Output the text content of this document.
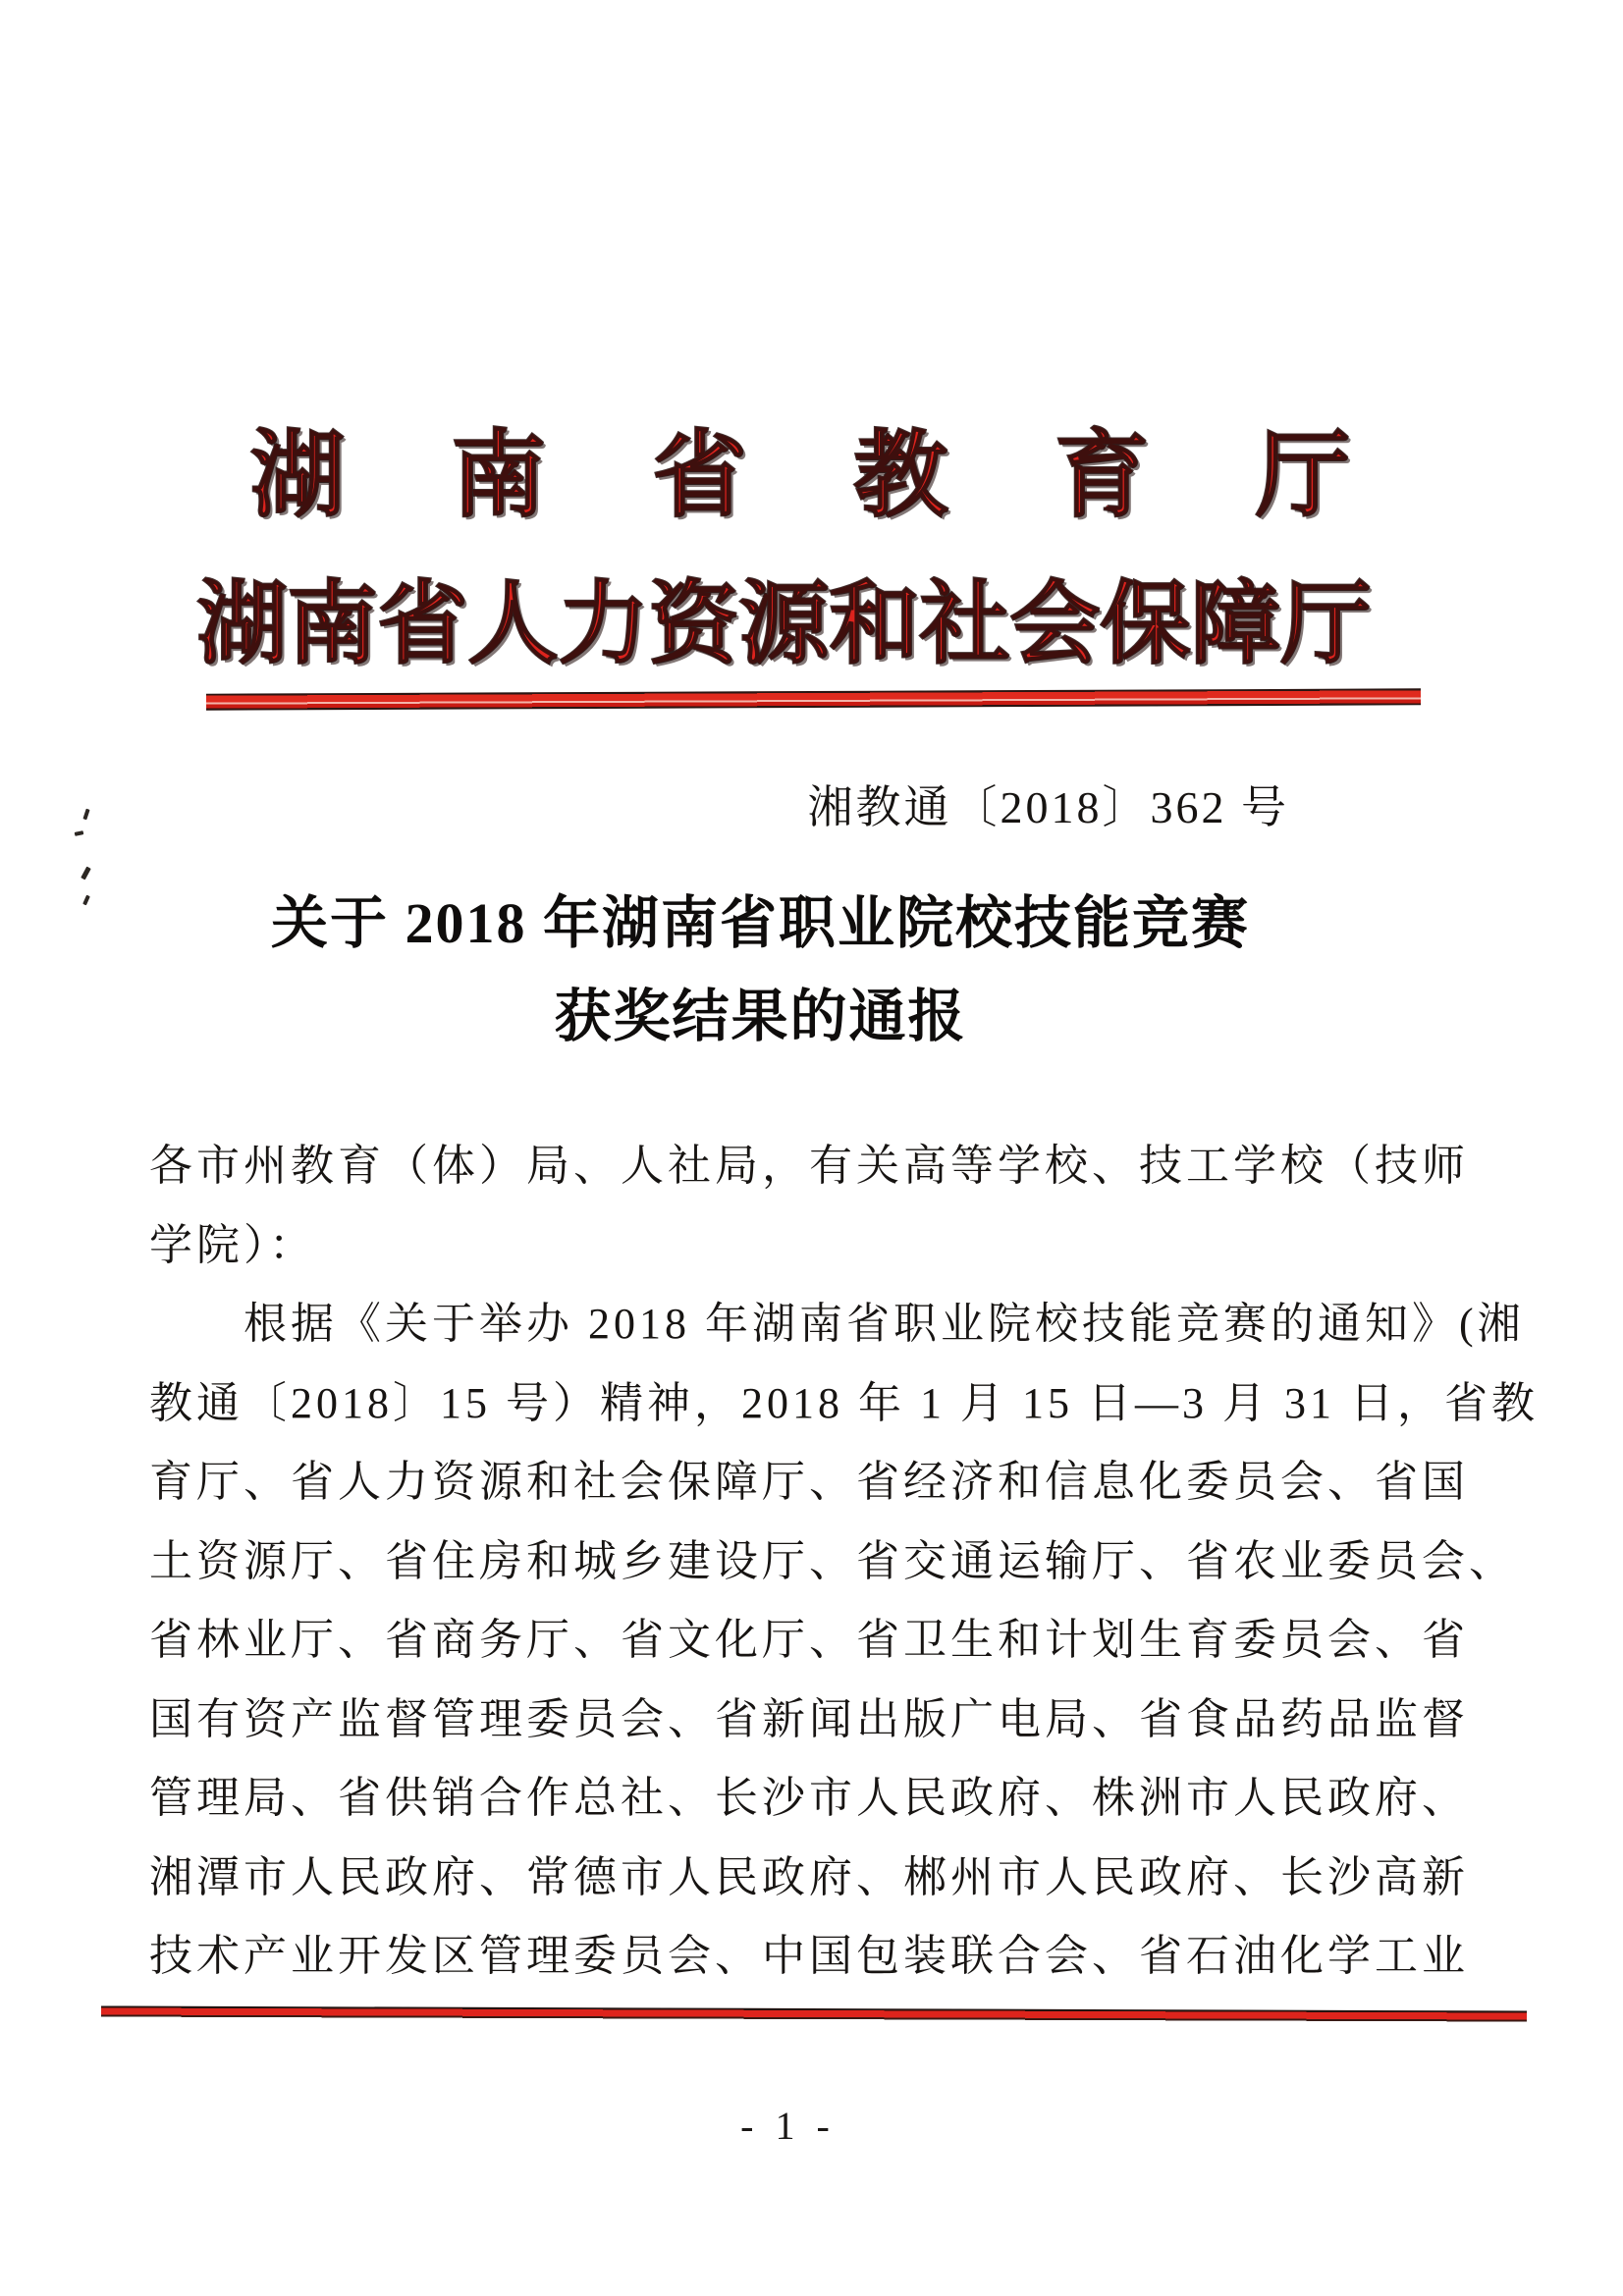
湖 南 省 教 育 厅
湖南省人力资源和社会保障厅
湘教通〔2018〕362 号
关于 2018 年湖南省职业院校技能竞赛
获奖结果的通报
各市州教育（体）局、人社局，有关高等学校、技工学校（技师
学院）：
根据《关于举办 2018 年湖南省职业院校技能竞赛的通知》(湘
教通〔2018〕15 号）精神，2018 年 1 月 15 日—3 月 31 日，省教
育厅、省人力资源和社会保障厅、省经济和信息化委员会、省国
土资源厅、省住房和城乡建设厅、省交通运输厅、省农业委员会、
省林业厅、省商务厅、省文化厅、省卫生和计划生育委员会、省
国有资产监督管理委员会、省新闻出版广电局、省食品药品监督
管理局、省供销合作总社、长沙市人民政府、株洲市人民政府、
湘潭市人民政府、常德市人民政府、郴州市人民政府、长沙高新
技术产业开发区管理委员会、中国包装联合会、省石油化学工业
- 1 -
